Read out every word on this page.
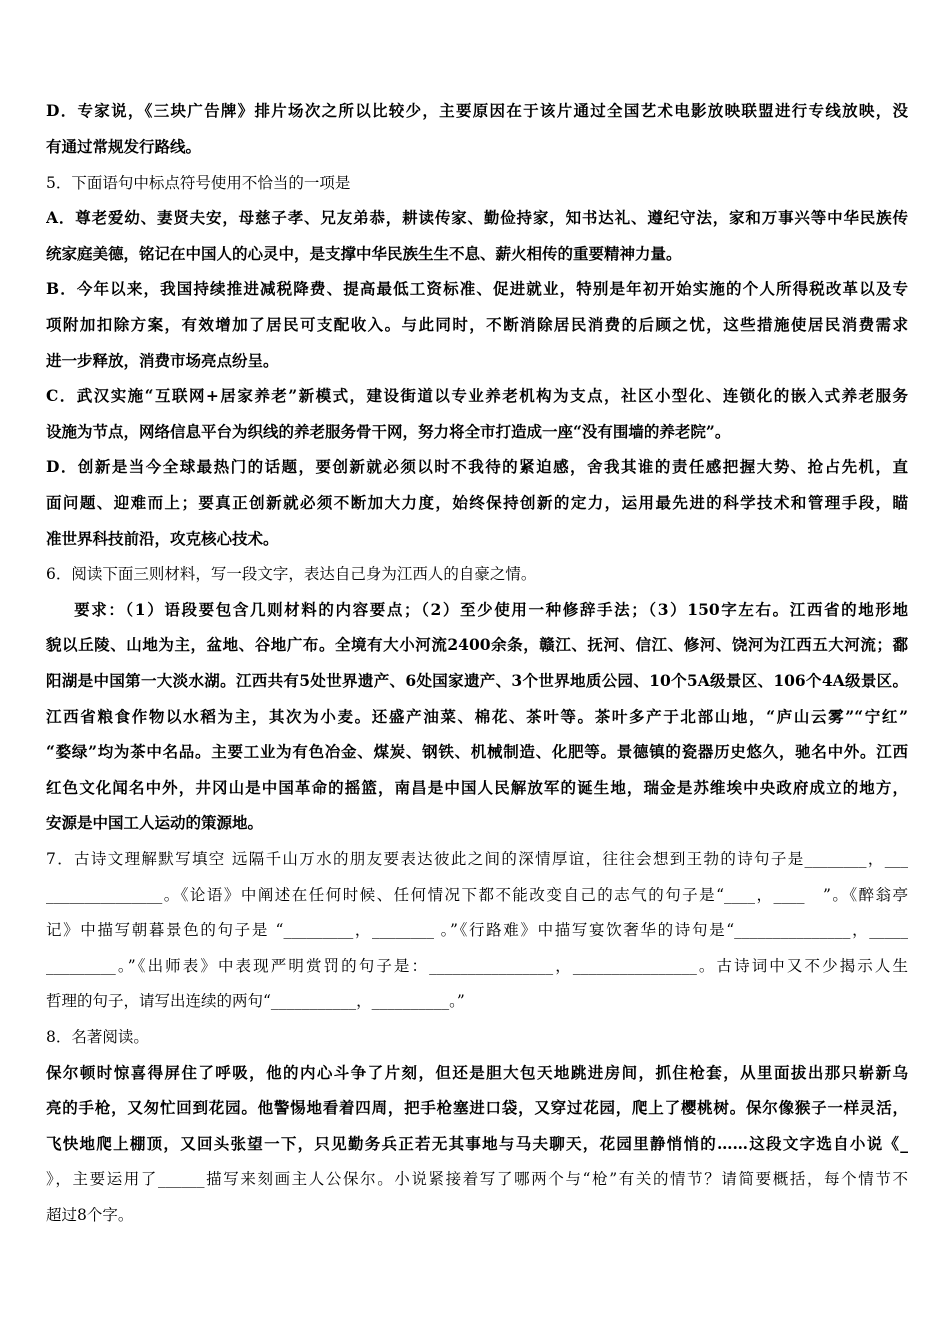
D．专家说，《三块广告牌》排片场次之所以比较少，主要原因在于该片通过全国艺术电影放映联盟进行专线放映，没
有通过常规发行路线。
5．下面语句中标点符号使用不恰当的一项是
A．尊老爱幼、妻贤夫安，母慈子孝、兄友弟恭，耕读传家、勤俭持家，知书达礼、遵纪守法，家和万事兴等中华民族传
统家庭美德，铭记在中国人的心灵中，是支撑中华民族生生不息、薪火相传的重要精神力量。
B．今年以来，我国持续推进减税降费、提高最低工资标准、促进就业，特别是年初开始实施的个人所得税改革以及专
项附加扣除方案，有效增加了居民可支配收入。与此同时，不断消除居民消费的后顾之忧，这些措施使居民消费需求
进一步释放，消费市场亮点纷呈。
C．武汉实施“互联网+居家养老”新模式，建设街道以专业养老机构为支点，社区小型化、连锁化的嵌入式养老服务
设施为节点，网络信息平台为织线的养老服务骨干网，努力将全市打造成一座“没有围墙的养老院”。
D．创新是当今全球最热门的话题，要创新就必须以时不我待的紧迫感，舍我其谁的责任感把握大势、抢占先机，直
面问题、迎难而上；要真正创新就必须不断加大力度，始终保持创新的定力，运用最先进的科学技术和管理手段，瞄
准世界科技前沿，攻克核心技术。
6．阅读下面三则材料，写一段文字，表达自己身为江西人的自豪之情。
要求：（1）语段要包含几则材料的内容要点；（2）至少使用一种修辞手法；（3）150字左右。江西省的地形地
貌以丘陵、山地为主，盆地、谷地广布。全境有大小河流2400余条，赣江、抚河、信江、修河、饶河为江西五大河流；鄱
阳湖是中国第一大淡水湖。江西共有5处世界遗产、6处国家遗产、3个世界地质公园、10个5A级景区、106个4A级景区。
江西省粮食作物以水稻为主，其次为小麦。还盛产油菜、棉花、茶叶等。茶叶多产于北部山地，“庐山云雾”“宁红”
“婺绿”均为茶中名品。主要工业为有色冶金、煤炭、钢铁、机械制造、化肥等。景德镇的瓷器历史悠久，驰名中外。江西
红色文化闻名中外，井冈山是中国革命的摇篮，南昌是中国人民解放军的诞生地，瑞金是苏维埃中央政府成立的地方，
安源是中国工人运动的策源地。
7．古诗文理解默写填空 远隔千山万水的朋友要表达彼此之间的深情厚谊，往往会想到王勃的诗句子是________，___
_______________。《论语》中阐述在任何时候、任何情况下都不能改变自己的志气的句子是“____，____　”。《醉翁亭
记》中描写朝暮景色的句子是 “_________，________ 。”《行路难》中描写宴饮奢华的诗句是“_______________，_____
_________。”《出师表》中表现严明赏罚的句子是：________________，________________。古诗词中又不少揭示人生
哲理的句子，请写出连续的两句“___________，__________。”
8．名著阅读。
保尔顿时惊喜得屏住了呼吸，他的内心斗争了片刻，但还是胆大包天地跳进房间，抓住枪套，从里面拔出那只崭新乌
亮的手枪，又匆忙回到花园。他警惕地看着四周，把手枪塞进口袋，又穿过花园，爬上了樱桃树。保尔像猴子一样灵活，
飞快地爬上棚顶，又回头张望一下，只见勤务兵正若无其事地与马夫聊天，花园里静悄悄的……这段文字选自小说《_
》，主要运用了______描写来刻画主人公保尔。小说紧接着写了哪两个与“枪”有关的情节？请简要概括，每个情节不
超过8个字。
